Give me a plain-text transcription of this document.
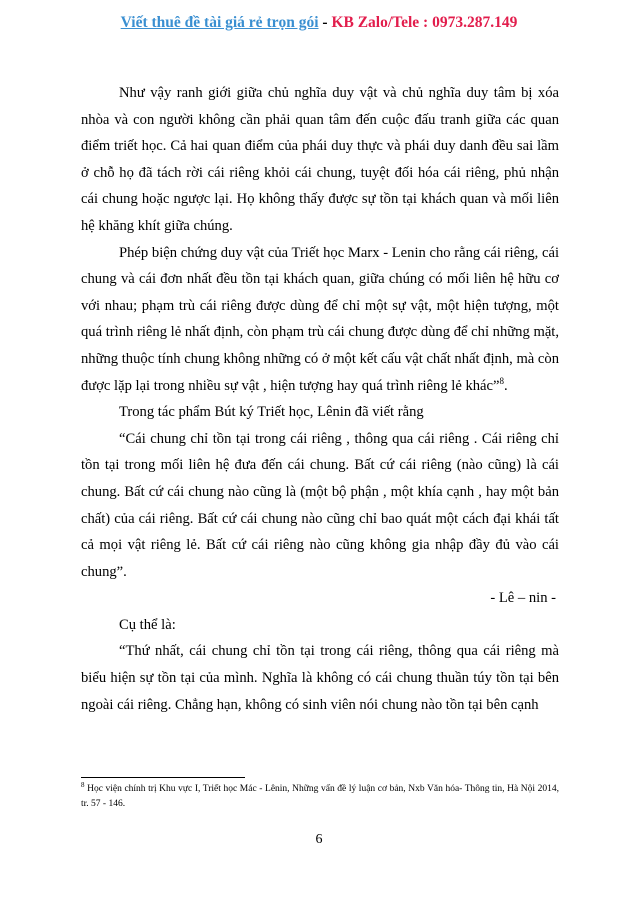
Viết thuê đề tài giá rẻ trọn gói - KB Zalo/Tele : 0973.287.149

Như vậy ranh giới giữa chủ nghĩa duy vật và chủ nghĩa duy tâm bị xóa nhòa và con người không cần phải quan tâm đến cuộc đấu tranh giữa các quan điểm triết học. Cả hai quan điểm của phái duy thực và phái duy danh đều sai lầm ở chỗ họ đã tách rời cái riêng khỏi cái chung, tuyệt đối hóa cái riêng, phủ nhận cái chung hoặc ngược lại. Họ không thấy được sự tồn tại khách quan và mối liên hệ khăng khít giữa chúng.

Phép biện chứng duy vật của Triết học Marx - Lenin cho rằng cái riêng, cái chung và cái đơn nhất đều tồn tại khách quan, giữa chúng có mối liên hệ hữu cơ với nhau; phạm trù cái riêng được dùng để chỉ một sự vật, một hiện tượng, một quá trình riêng lẻ nhất định, còn phạm trù cái chung được dùng để chỉ những mặt, những thuộc tính chung không những có ở một kết cấu vật chất nhất định, mà còn được lặp lại trong nhiều sự vật , hiện tượng hay quá trình riêng lẻ khác”$^8$.

Trong tác phẩm Bút ký Triết học, Lênin đã viết rằng

“Cái chung chỉ tồn tại trong cái riêng , thông qua cái riêng . Cái riêng chỉ tồn tại trong mối liên hệ đưa đến cái chung. Bất cứ cái riêng (nào cũng) là cái chung. Bất cứ cái chung nào cũng là (một bộ phận , một khía cạnh , hay một bản chất) của cái riêng. Bất cứ cái chung nào cũng chỉ bao quát một cách đại khái tất cả mọi vật riêng lẻ. Bất cứ cái riêng nào cũng không gia nhập đầy đủ vào cái chung”.

- Lê – nin -

Cụ thể là:

“Thứ nhất, cái chung chỉ tồn tại trong cái riêng, thông qua cái riêng mà biểu hiện sự tồn tại của mình. Nghĩa là không có cái chung thuần túy tồn tại bên ngoài cái riêng. Chẳng hạn, không có sinh viên nói chung nào tồn tại bên cạnh

$^8$ Học viện chính trị Khu vực I, Triết học Mác - Lênin, Những vấn đề lý luận cơ bản, Nxb Văn hóa- Thông tin, Hà Nội 2014, tr. 57 - 146.
6
